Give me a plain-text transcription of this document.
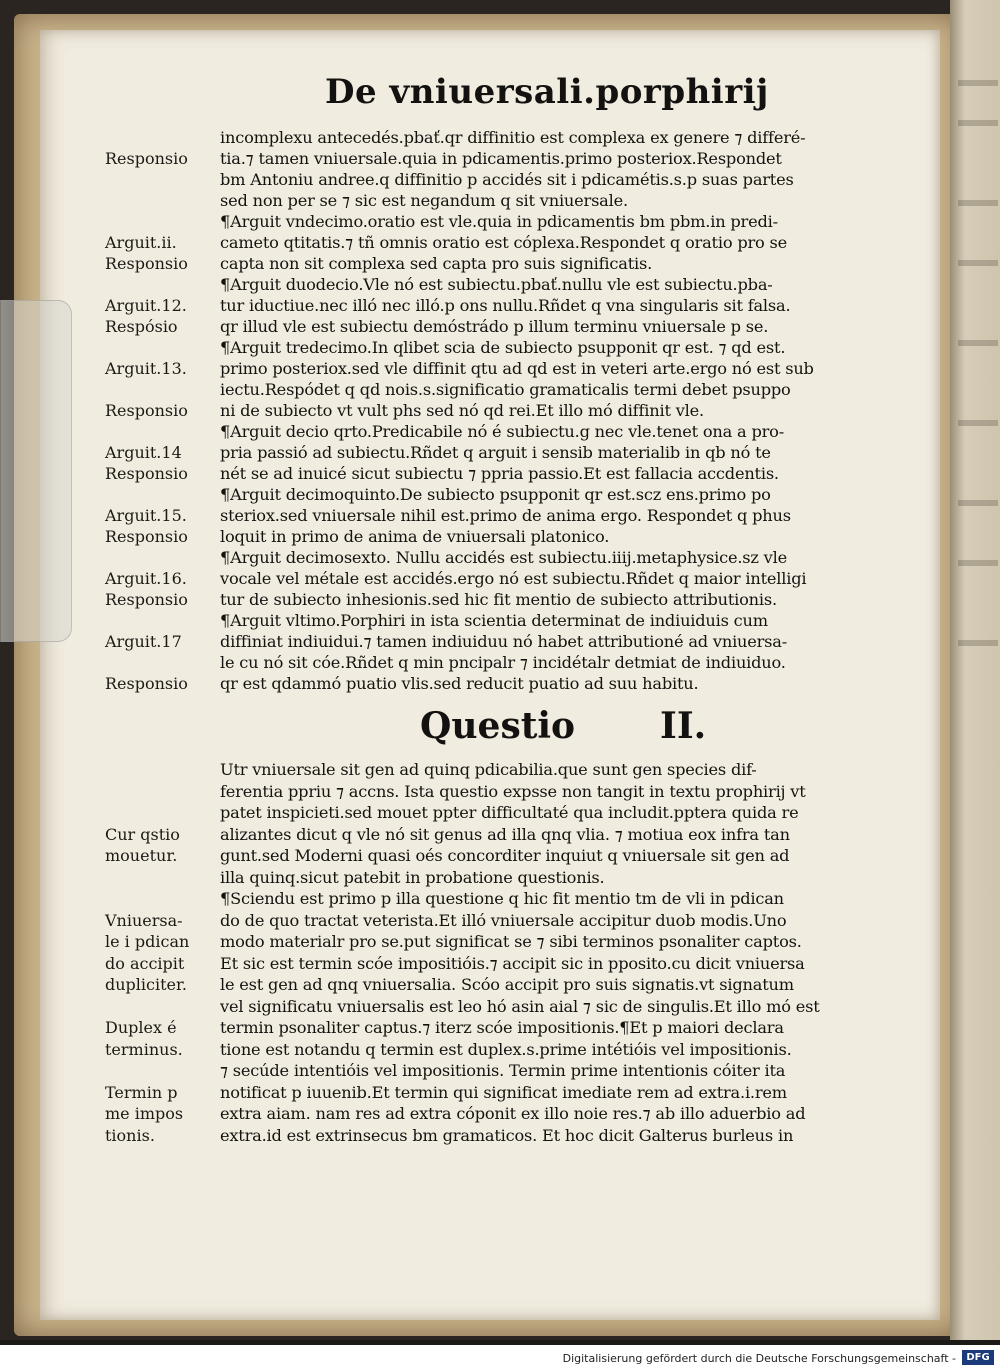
De vniuersali.porphirij
incomplexu antecedés.pbať.qr diffinitio est complexa ex genere ⁊ differé-
Responsio	tia.⁊ tamen vniuersale.quia in pdicamentis.primo posteriox.Respondet
bm Antoniu andree.q diffinitio p accidés sit i pdicamétis.s.p suas partes
sed non per se ⁊ sic est negandum q sit vniuersale.
¶Arguit vndecimo.oratio est vle.quia in pdicamentis bm pbm.in predi-
Arguit.ii.	cameto qtitatis.⁊ tñ omnis oratio est cóplexa.Respondet q oratio pro se
Responsio	capta non sit complexa sed capta pro suis significatis.
¶Arguit duodecio.Vle nó est subiectu.pbať.nullu vle est subiectu.pba-
Arguit.12.	tur iductiue.nec illó nec illó.p ons nullu.Rñdet q vna singularis sit falsa.
Respósio	qr illud vle est subiectu demóstrádo p illum terminu vniuersale p se.
¶Arguit tredecimo.In qlibet scia de subiecto psupponit qr est. ⁊ qd est.
Arguit.13.	primo posteriox.sed vle diffinit qtu ad qd est in veteri arte.ergo nó est sub
iectu.Respódet q qd nois.s.significatio gramaticalis termi debet psuppo
Responsio	ni de subiecto vt vult phs sed nó qd rei.Et illo mó diffinit vle.
¶Arguit decio qrto.Predicabile nó é subiectu.g nec vle.tenet ona a pro-
Arguit.14	pria passió ad subiectu.Rñdet q arguit i sensib materialib in qb nó te
Responsio	nét se ad inuicé sicut subiectu ⁊ ppria passio.Et est fallacia accdentis.
¶Arguit decimoquinto.De subiecto psupponit qr est.scz ens.primo po
Arguit.15.	steriox.sed vniuersale nihil est.primo de anima ergo. Respondet q phus
Responsio	loquit in primo de anima de vniuersali platonico.
¶Arguit decimosexto. Nullu accidés est subiectu.iiij.metaphysice.sz vle
Arguit.16.	vocale vel métale est accidés.ergo nó est subiectu.Rñdet q maior intelligi
Responsio	tur de subiecto inhesionis.sed hic fit mentio de subiecto attributionis.
¶Arguit vltimo.Porphiri in ista scientia determinat de indiuiduis cum
Arguit.17	diffiniat indiuidui.⁊ tamen indiuiduu nó habet attributioné ad vniuersa-
le cu nó sit cóe.Rñdet q min pncipalr ⁊ incidétalr detmiat de indiuiduo.
Responsio	qr est qdammó puatio vlis.sed reducit puatio ad suu habitu.
Questio II.
Utr vniuersale sit gen ad quinq pdicabilia.que sunt gen species dif-
ferentia ppriu ⁊ accns. Ista questio expsse non tangit in textu prophirij vt
patet inspicieti.sed mouet ppter difficultaté qua includit.pptera quida re
Cur qstio	alizantes dicut q vle nó sit genus ad illa qnq vlia. ⁊ motiua eox infra tan
mouetur.	gunt.sed Moderni quasi oés concorditer inquiut q vniuersale sit gen ad
illa quinq.sicut patebit in probatione questionis.
¶Sciendu est primo p illa questione q hic fit mentio tm de vli in pdican
Vniuersa-	do de quo tractat veterista.Et illó vniuersale accipitur duob modis.Uno
le i pdican	modo materialr pro se.put significat se ⁊ sibi terminos psonaliter captos.
do accipit	Et sic est termin scóe impositióis.⁊ accipit sic in pposito.cu dicit vniuersa
dupliciter.	le est gen ad qnq vniuersalia. Scóo accipit pro suis signatis.vt signatum
vel significatu vniuersalis est leo hó asin aial ⁊ sic de singulis.Et illo mó est
Duplex é	termin psonaliter captus.⁊ iterz scóe impositionis.¶Et p maiori declara
terminus.	tione est notandu q termin est duplex.s.prime intétióis vel impositionis.
⁊ secúde intentióis vel impositionis. Termin prime intentionis cóiter ita
Termin p	notificat p iuuenib.Et termin qui significat imediate rem ad extra.i.rem
me impos	extra aiam. nam res ad extra cóponit ex illo noie res.⁊ ab illo aduerbio ad
tionis.	extra.id est extrinsecus bm gramaticos. Et hoc dicit Galterus burleus in
Digitalisierung gefördert durch die Deutsche Forschungsgemeinschaft -	DFG
